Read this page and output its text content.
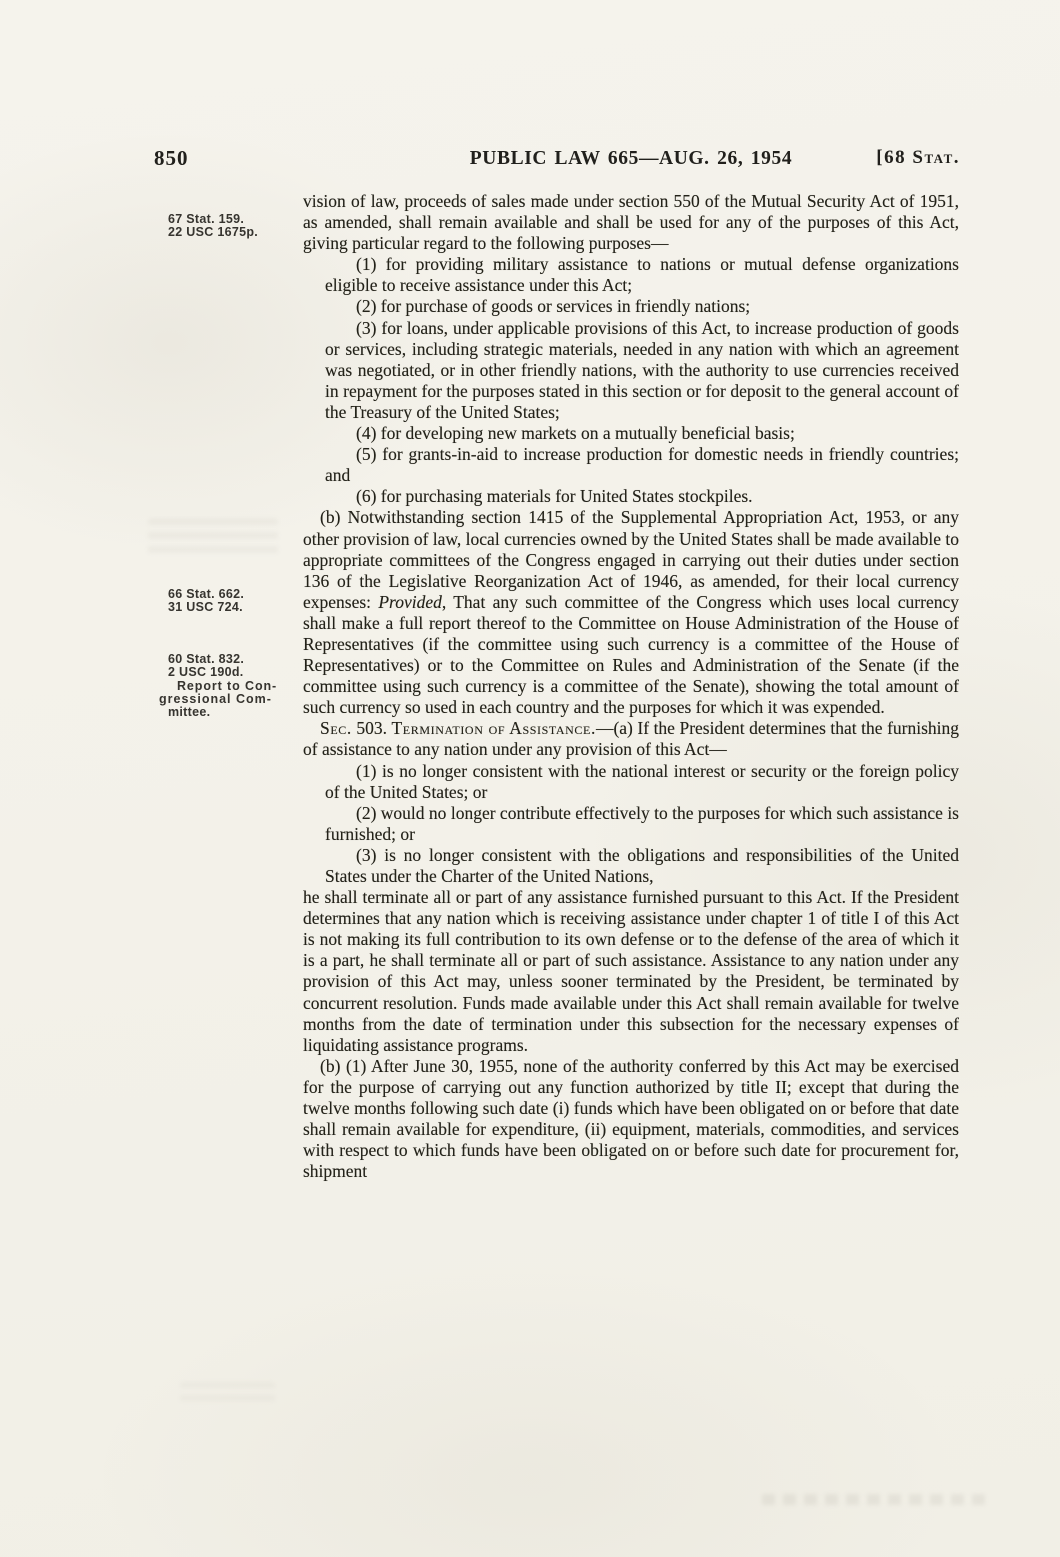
850	PUBLIC LAW 665—AUG. 26, 1954	[68 Stat.
67 Stat. 159.
22 USC 1675p.
66 Stat. 662.
31 USC 724.
60 Stat. 832.
2 USC 190d.
Report to Con-
gressional Com-
mittee.

vision of law, proceeds of sales made under section 550 of the Mutual Security Act of 1951, as amended, shall remain available and shall be used for any of the purposes of this Act, giving particular regard to the following purposes—

(1) for providing military assistance to nations or mutual defense organizations eligible to receive assistance under this Act;

(2) for purchase of goods or services in friendly nations;

(3) for loans, under applicable provisions of this Act, to increase production of goods or services, including strategic materials, needed in any nation with which an agreement was negotiated, or in other friendly nations, with the authority to use currencies received in repayment for the purposes stated in this section or for deposit to the general account of the Treasury of the United States;

(4) for developing new markets on a mutually beneficial basis;

(5) for grants-in-aid to increase production for domestic needs in friendly countries; and

(6) for purchasing materials for United States stockpiles.

(b) Notwithstanding section 1415 of the Supplemental Appropriation Act, 1953, or any other provision of law, local currencies owned by the United States shall be made available to appropriate committees of the Congress engaged in carrying out their duties under section 136 of the Legislative Reorganization Act of 1946, as amended, for their local currency expenses: Provided, That any such committee of the Congress which uses local currency shall make a full report thereof to the Committee on House Administration of the House of Representatives (if the committee using such currency is a committee of the House of Representatives) or to the Committee on Rules and Administration of the Senate (if the committee using such currency is a committee of the Senate), showing the total amount of such currency so used in each country and the purposes for which it was expended.

Sec. 503. Termination of Assistance.—(a) If the President determines that the furnishing of assistance to any nation under any provision of this Act—

(1) is no longer consistent with the national interest or security or the foreign policy of the United States; or

(2) would no longer contribute effectively to the purposes for which such assistance is furnished; or

(3) is no longer consistent with the obligations and responsibilities of the United States under the Charter of the United Nations,

he shall terminate all or part of any assistance furnished pursuant to this Act. If the President determines that any nation which is receiving assistance under chapter 1 of title I of this Act is not making its full contribution to its own defense or to the defense of the area of which it is a part, he shall terminate all or part of such assistance. Assistance to any nation under any provision of this Act may, unless sooner terminated by the President, be terminated by concurrent resolution. Funds made available under this Act shall remain available for twelve months from the date of termination under this subsection for the necessary expenses of liquidating assistance programs.

(b) (1) After June 30, 1955, none of the authority conferred by this Act may be exercised for the purpose of carrying out any function authorized by title II; except that during the twelve months following such date (i) funds which have been obligated on or before that date shall remain available for expenditure, (ii) equipment, materials, commodities, and services with respect to which funds have been obligated on or before such date for procurement for, shipment
